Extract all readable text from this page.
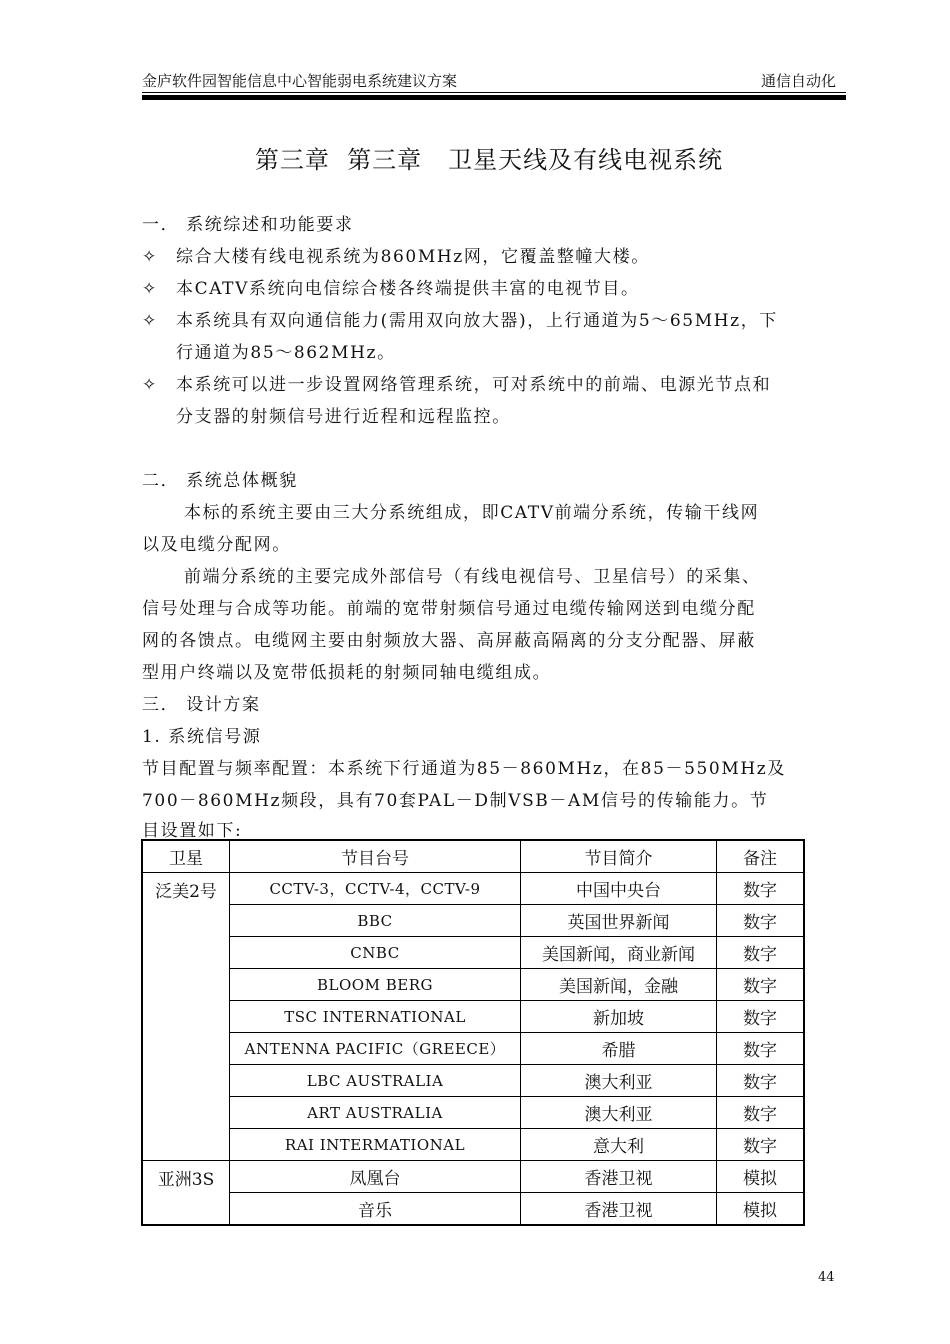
金庐软件园智能信息中心智能弱电系统建议方案	通信自动化
第三章  第三章   卫星天线及有线电视系统
一． 系统综述和功能要求
✧ 综合大楼有线电视系统为860MHz网，它覆盖整幢大楼。
✧ 本CATV系统向电信综合楼各终端提供丰富的电视节目。
✧ 本系统具有双向通信能力(需用双向放大器)，上行通道为5～65MHz，下
行通道为85～862MHz。
✧ 本系统可以进一步设置网络管理系统，可对系统中的前端、电源光节点和
分支器的射频信号进行近程和远程监控。
二． 系统总体概貌
本标的系统主要由三大分系统组成，即CATV前端分系统，传输干线网
以及电缆分配网。
前端分系统的主要完成外部信号（有线电视信号、卫星信号）的采集、
信号处理与合成等功能。前端的宽带射频信号通过电缆传输网送到电缆分配
网的各馈点。电缆网主要由射频放大器、高屏蔽高隔离的分支分配器、屏蔽
型用户终端以及宽带低损耗的射频同轴电缆组成。
三． 设计方案
1. 系统信号源
节目配置与频率配置：本系统下行通道为85－860MHz，在85－550MHz及
700－860MHz频段，具有70套PAL－D制VSB－AM信号的传输能力。节
目设置如下:
卫星	节目台号	节目简介	备注
泛美2号	CCTV-3，CCTV-4，CCTV-9	中国中央台	数字
	BBC	英国世界新闻	数字
	CNBC	美国新闻，商业新闻	数字
	BLOOM BERG	美国新闻，金融	数字
	TSC INTERNATIONAL	新加坡	数字
	ANTENNA PACIFIC（GREECE）	希腊	数字
	LBC AUSTRALIA	澳大利亚	数字
	ART AUSTRALIA	澳大利亚	数字
	RAI INTERMATIONAL	意大利	数字
亚洲3S	凤凰台	香港卫视	模拟
	音乐	香港卫视	模拟
44
